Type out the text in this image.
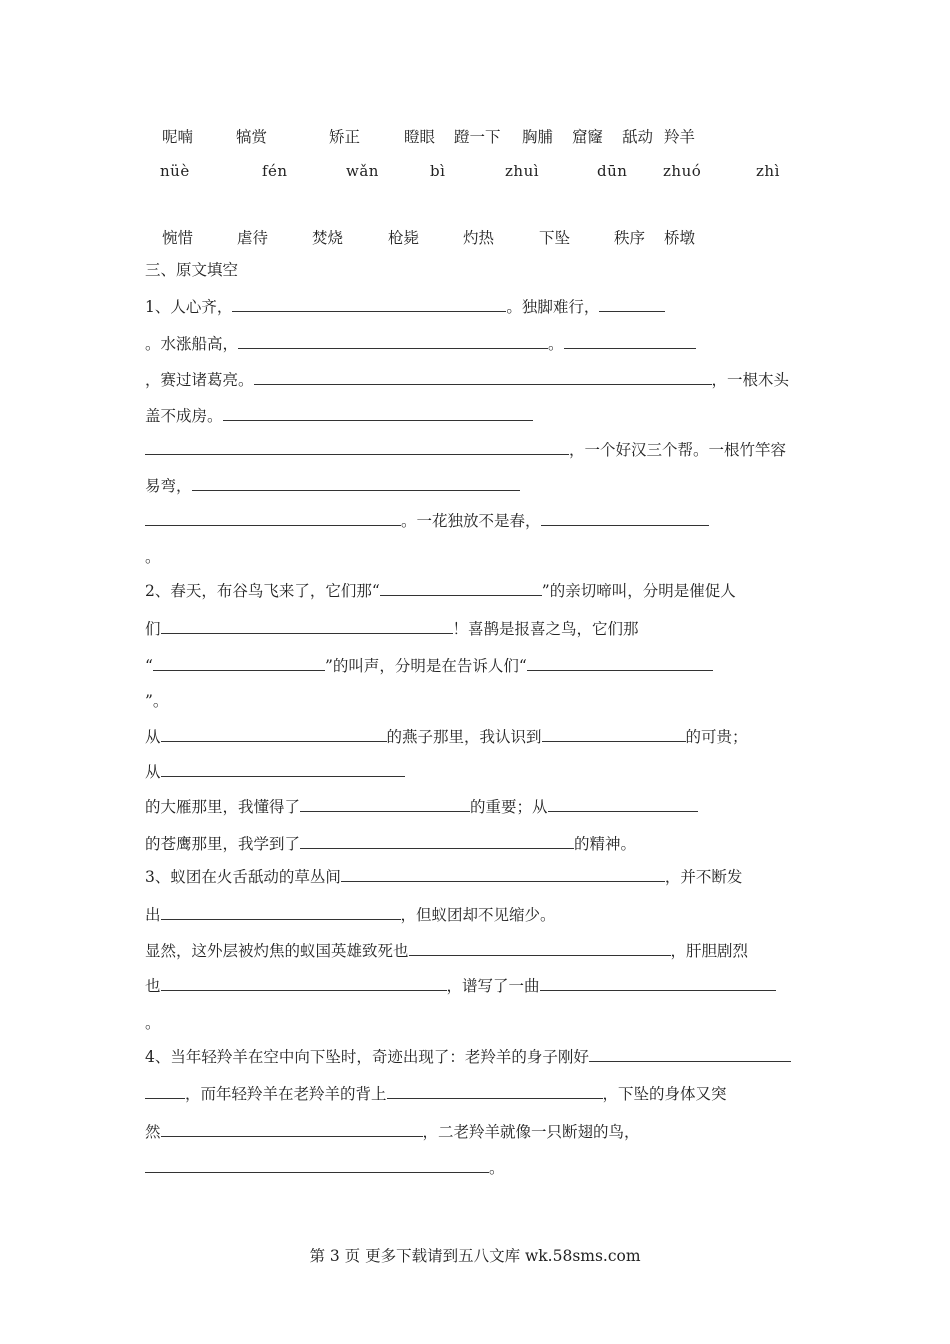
呢喃	犒赏	矫正	瞪眼 蹬一下 胸脯 窟窿 舐动 羚羊
nüè	fén	wǎn	bì	zhuì	dūn zhuó	zhì
惋惜	虐待	焚烧	枪毙	灼热	下坠	秩序 桥墩
三、原文填空
1、人心齐，	。独脚难行，
。水涨船高，	。
，赛过诸葛亮。	，一根木头
盖不成房。
，一个好汉三个帮。一根竹竿容
易弯，
。一花独放不是春，
。
2、春天，布谷鸟飞来了，它们那“	”的亲切啼叫，分明是催促人
们	！喜鹊是报喜之鸟，它们那
“	”的叫声，分明是在告诉人们“
”。
从	的燕子那里，我认识到	的可贵；
从
的大雁那里，我懂得了	的重要；从
的苍鹰那里，我学到了	的精神。
3、蚁团在火舌舐动的草丛间	，并不断发
出	，但蚁团却不见缩少。
显然，这外层被灼焦的蚁国英雄致死也	，肝胆剧烈
也	，谱写了一曲
。
4、当年轻羚羊在空中向下坠时，奇迹出现了：老羚羊的身子刚好
，而年轻羚羊在老羚羊的背上	，下坠的身体又突
然	，二老羚羊就像一只断翅的鸟，
。
第 3 页 更多下载请到五八文库 wk.58sms.com
